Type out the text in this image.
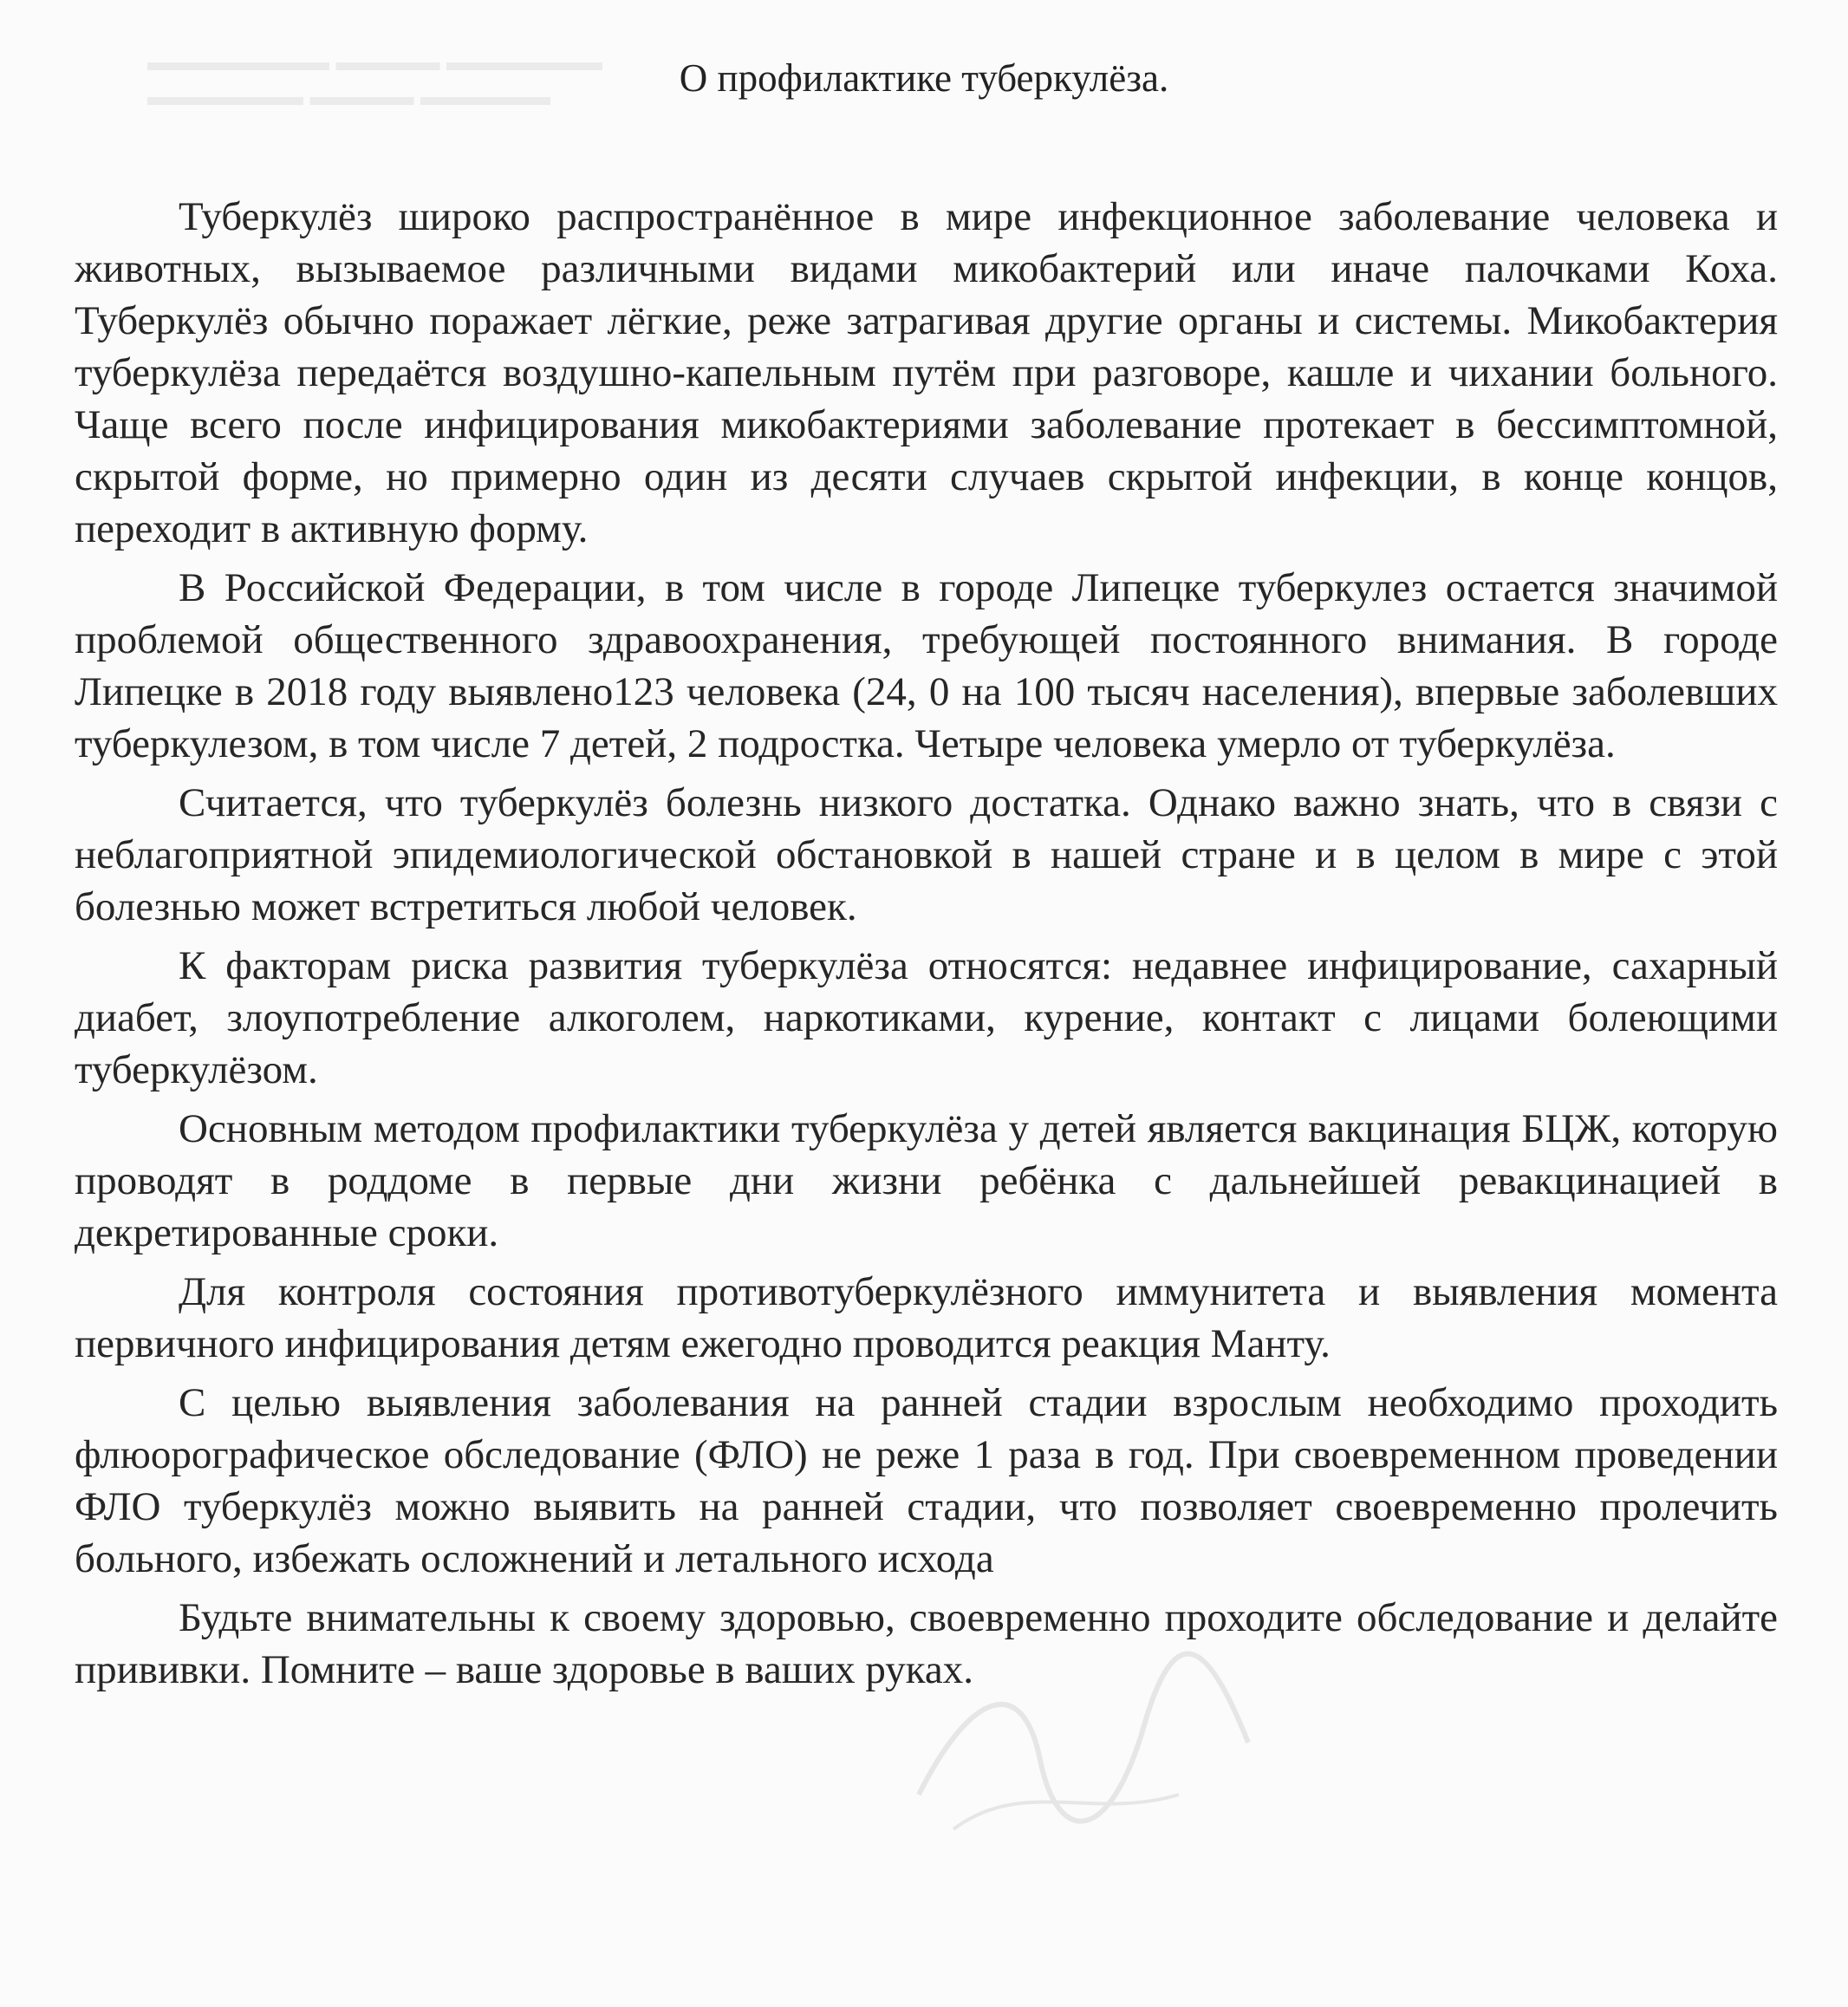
▬▬▬▬▬▬▬ ▬▬▬▬ ▬▬▬▬▬▬
▬▬▬▬▬▬ ▬▬▬▬ ▬▬▬▬▬	О профилактике туберкулёза.

Туберкулёз широко распространённое в мире инфекционное заболевание человека и животных, вызываемое различными видами микобактерий или иначе палочками Коха. Туберкулёз обычно поражает лёгкие, реже затрагивая другие органы и системы. Микобактерия туберкулёза передаётся воздушно-капельным путём при разговоре, кашле и чихании больного. Чаще всего после инфицирования микобактериями заболевание протекает в бессимптомной, скрытой форме, но примерно один из десяти случаев скрытой инфекции, в конце концов, переходит в активную форму.

В Российской Федерации, в том числе в городе Липецке туберкулез остается значимой проблемой общественного здравоохранения, требующей постоянного внимания. В городе Липецке в 2018 году выявлено123 человека (24, 0 на 100 тысяч населения), впервые заболевших туберкулезом, в том числе 7 детей, 2 подростка. Четыре человека умерло от туберкулёза.

Считается, что туберкулёз болезнь низкого достатка. Однако важно знать, что в связи с неблагоприятной эпидемиологической обстановкой в нашей стране и в целом в мире с этой болезнью может встретиться любой человек.

К факторам риска развития туберкулёза относятся: недавнее инфицирование, сахарный диабет, злоупотребление алкоголем, наркотиками, курение, контакт с лицами болеющими туберкулёзом.

Основным методом профилактики туберкулёза у детей является вакцинация БЦЖ, которую проводят в роддоме в первые дни жизни ребёнка с дальнейшей ревакцинацией в декретированные сроки.

Для контроля состояния противотуберкулёзного иммунитета и выявления момента первичного инфицирования детям ежегодно проводится реакция Манту.

С целью выявления заболевания на ранней стадии взрослым необходимо проходить флюорографическое обследование (ФЛО) не реже 1 раза в год. При своевременном проведении ФЛО туберкулёз можно выявить на ранней стадии, что позволяет своевременно пролечить больного, избежать осложнений и летального исхода

Будьте внимательны к своему здоровью, своевременно проходите обследование и делайте прививки. Помните – ваше здоровье в ваших руках.
